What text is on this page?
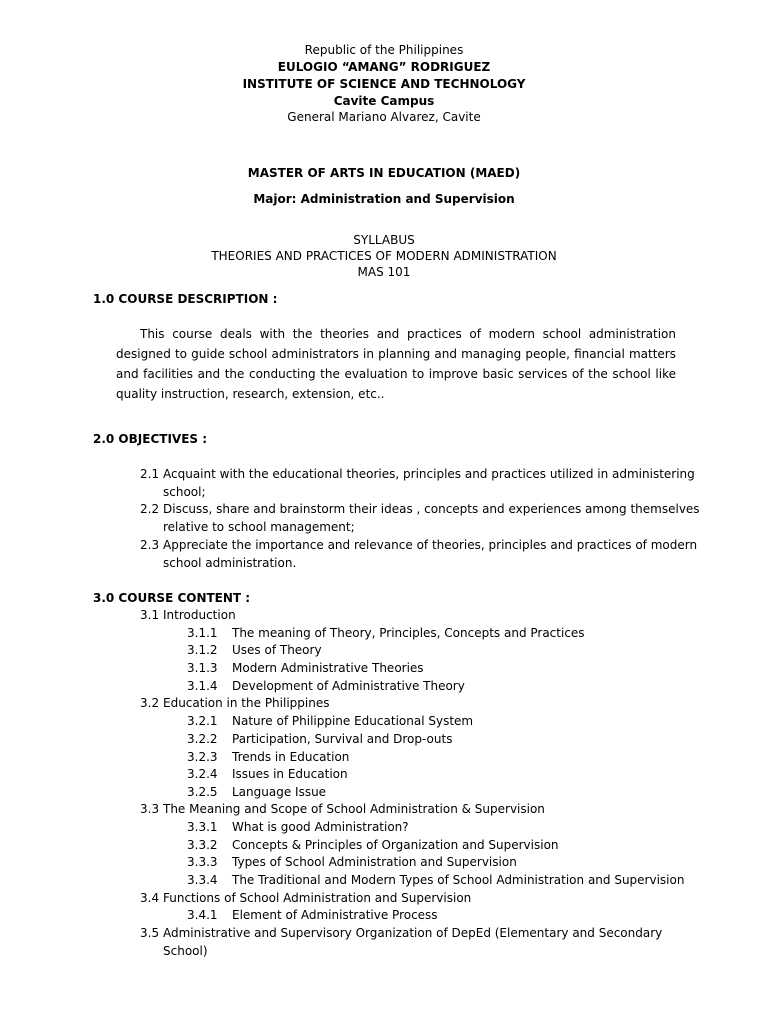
Republic of the Philippines
EULOGIO “AMANG” RODRIGUEZ
INSTITUTE OF SCIENCE AND TECHNOLOGY
Cavite Campus
General Mariano Alvarez, Cavite
MASTER OF ARTS IN EDUCATION (MAED)
Major: Administration and Supervision
SYLLABUS
THEORIES AND PRACTICES OF MODERN ADMINISTRATION
MAS 101
1.0 COURSE DESCRIPTION :
This course deals with the theories and practices of modern school administration designed to guide school administrators in planning and managing people, financial matters and facilities and the conducting the evaluation to improve basic services of the school like quality instruction, research, extension, etc..
2.0 OBJECTIVES :
2.1 Acquaint with the educational theories, principles and practices utilized in administering
school;
2.2 Discuss, share and brainstorm their ideas , concepts and experiences among themselves
relative to school management;
2.3 Appreciate the importance and relevance of theories, principles and practices of modern
school administration.
3.0 COURSE CONTENT :
3.1 Introduction
3.1.1 The meaning of Theory, Principles, Concepts and Practices
3.1.2 Uses of Theory
3.1.3 Modern Administrative Theories
3.1.4 Development of Administrative Theory
3.2 Education in the Philippines
3.2.1 Nature of Philippine Educational System
3.2.2 Participation, Survival and Drop-outs
3.2.3 Trends in Education
3.2.4 Issues in Education
3.2.5 Language Issue
3.3 The Meaning and Scope of School Administration & Supervision
3.3.1 What is good Administration?
3.3.2 Concepts & Principles of Organization and Supervision
3.3.3 Types of School Administration and Supervision
3.3.4 The Traditional and Modern Types of School Administration and Supervision
3.4 Functions of School Administration and Supervision
3.4.1 Element of Administrative Process
3.5 Administrative and Supervisory Organization of DepEd (Elementary and Secondary
School)
